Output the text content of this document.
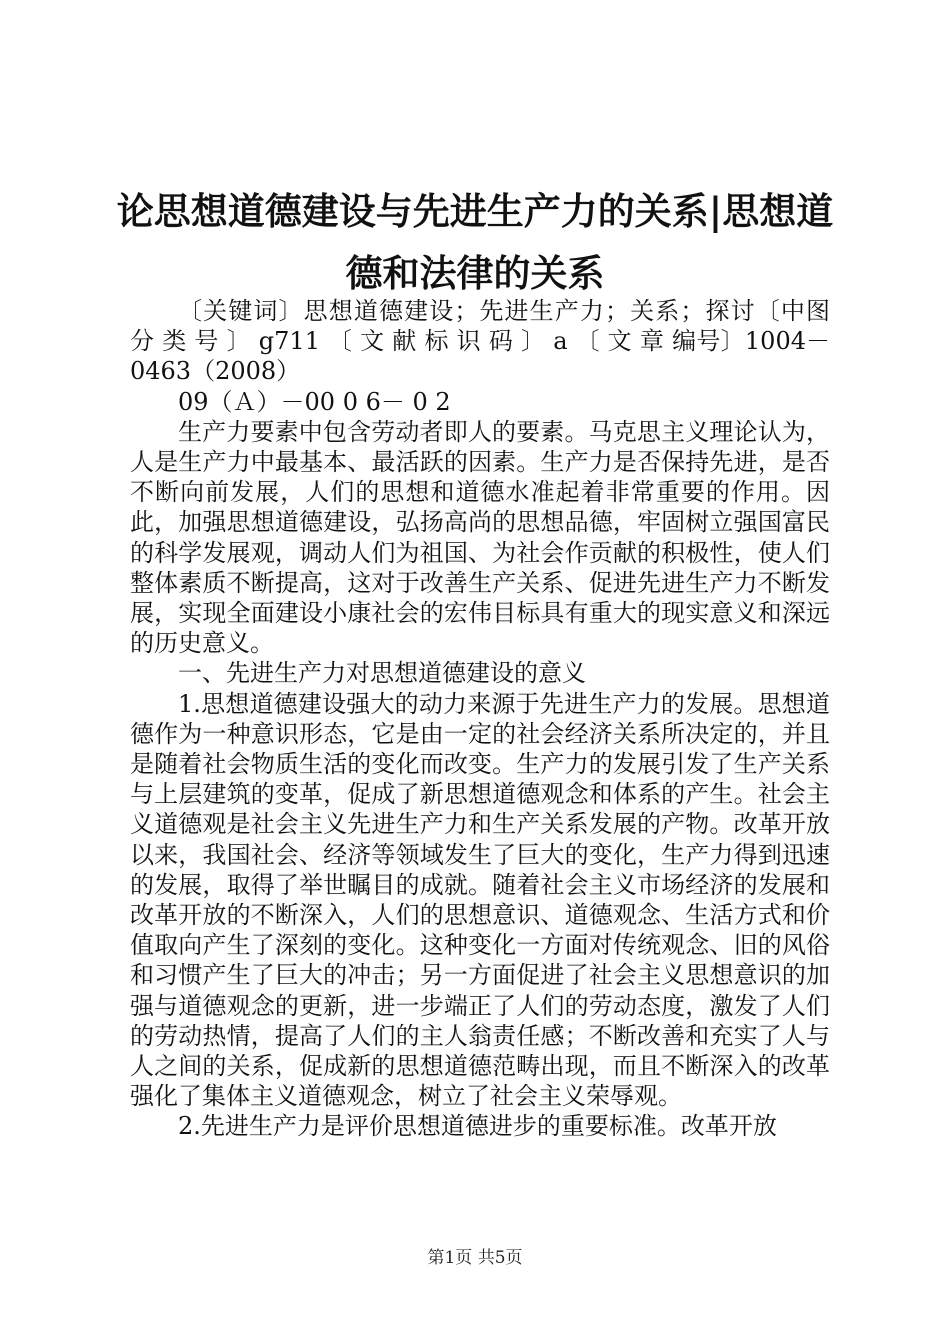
论思想道德建设与先进生产力的关系|思想道德和法律的关系

〔关键词〕思想道德建设；先进生产力；关系；探讨〔中图 分 类 号 〕 g711 〔 文 献 标 识 码 〕 a 〔 文 章 编号〕1004－0463（2008）

09（Ａ）－00 0 6－ 0 2

生产力要素中包含劳动者即人的要素。马克思主义理论认为，人是生产力中最基本、最活跃的因素。生产力是否保持先进，是否不断向前发展，人们的思想和道德水准起着非常重要的作用。因此，加强思想道德建设，弘扬高尚的思想品德，牢固树立强国富民的科学发展观，调动人们为祖国、为社会作贡献的积极性，使人们整体素质不断提高，这对于改善生产关系、促进先进生产力不断发展，实现全面建设小康社会的宏伟目标具有重大的现实意义和深远的历史意义。

一、先进生产力对思想道德建设的意义

1.思想道德建设强大的动力来源于先进生产力的发展。思想道德作为一种意识形态，它是由一定的社会经济关系所决定的，并且是随着社会物质生活的变化而改变。生产力的发展引发了生产关系与上层建筑的变革，促成了新思想道德观念和体系的产生。社会主义道德观是社会主义先进生产力和生产关系发展的产物。改革开放以来，我国社会、经济等领域发生了巨大的变化，生产力得到迅速的发展，取得了举世瞩目的成就。随着社会主义市场经济的发展和改革开放的不断深入，人们的思想意识、道德观念、生活方式和价值取向产生了深刻的变化。这种变化一方面对传统观念、旧的风俗和习惯产生了巨大的冲击；另一方面促进了社会主义思想意识的加强与道德观念的更新，进一步端正了人们的劳动态度，激发了人们的劳动热情，提高了人们的主人翁责任感；不断改善和充实了人与人之间的关系，促成新的思想道德范畴出现，而且不断深入的改革强化了集体主义道德观念，树立了社会主义荣辱观。

2.先进生产力是评价思想道德进步的重要标准。改革开放

第1页 共5页
